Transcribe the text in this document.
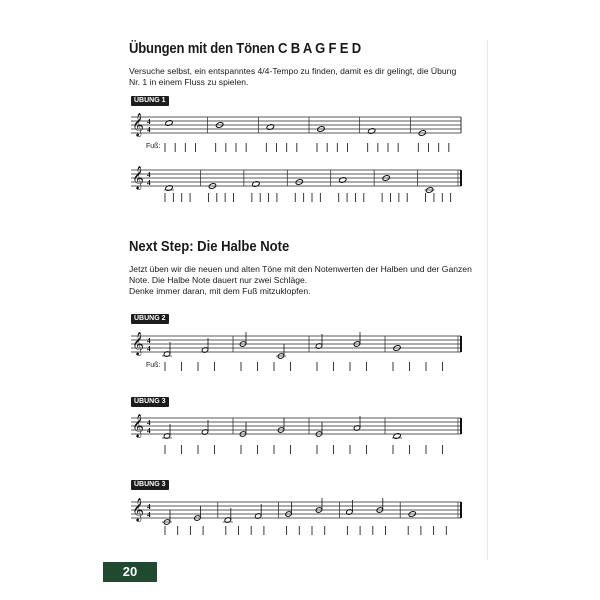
Übungen mit den Tönen C B A G F E D

Versuche selbst, ein entspanntes 4/4-Tempo zu finden, damit es dir gelingt, die Übung Nr. 1 in einem Fluss zu spielen.

ÜBUNG 1
ÜBUNG 2
ÜBUNG 3
ÜBUNG 3
Next Step: Die Halbe Note

Jetzt üben wir die neuen und alten Töne mit den Notenwerten der Halben und der Ganzen
Note. Die Halbe Note dauert nur zwei Schläge.
Denke immer daran, mit dem Fuß mitzuklopfen.

Fuß:
Fuß:
𝄞 4
4
𝄞 4
4
𝄞 4
4
𝄞 4
4
𝄞 4
4
20
